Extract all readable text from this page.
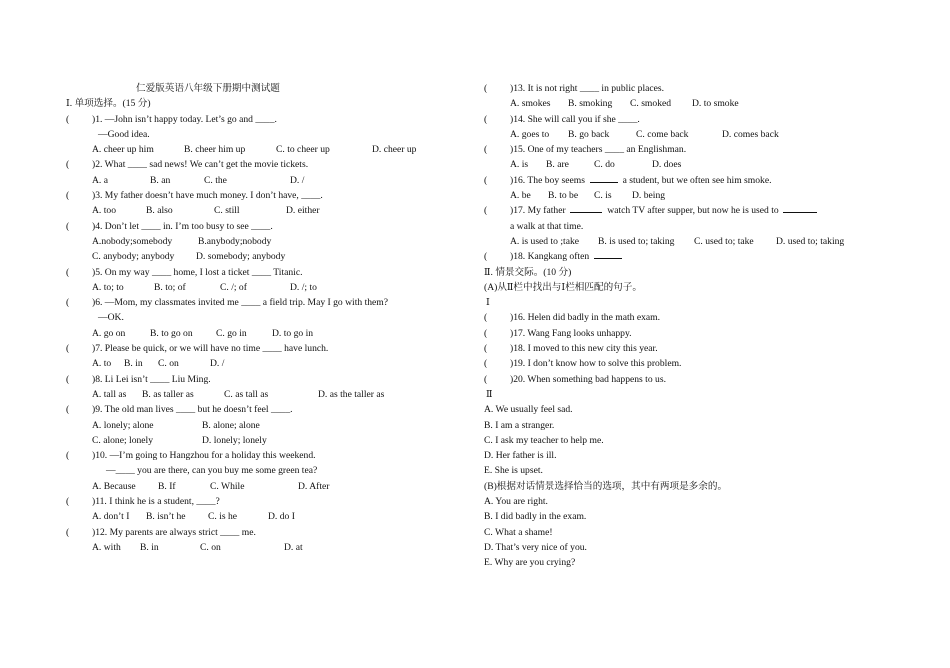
仁爱版英语八年级下册期中测试题
Ⅰ. 单项选择。(15 分)
(	)1. —John isn’t happy today. Let’s go and ____.
—Good idea.
A. cheer up him	B. cheer him up	C. to cheer up	D. cheer up
(	)2. What ____ sad news! We can’t get the movie tickets.
A. a	B. an	C. the	D. /
(	)3. My father doesn’t have much money. I don’t have, ____.
A. too	B. also	C. still	D. either
(	)4. Don’t let ____ in. I’m too busy to see ____.
A.nobody;somebody	B.anybody;nobody
C. anybody; anybody	D. somebody; anybody
(	)5. On my way ____ home, I lost a ticket ____ Titanic.
A. to; to	B. to; of	C. /; of	D. /; to
(	)6. —Mom, my classmates invited me ____ a field trip. May I go with them?
—OK.
A. go on	B. to go on	C. go in	D. to go in
(	)7. Please be quick, or we will have no time ____ have lunch.
A. to	B. in	C. on	D. /
(	)8. Li Lei isn’t ____ Liu Ming.
A. tall as	B. as taller as	C. as tall as	D. as the taller as
(	)9. The old man lives ____ but he doesn’t feel ____.
A. lonely; alone	B. alone; alone
C. alone; lonely	D. lonely; lonely
(	)10. —I’m going to Hangzhou for a holiday this weekend.
—____ you are there, can you buy me some green tea?
A. Because	B. If	C. While	D. After
(	)11. I think he is a student, ____?
A. don’t I	B. isn’t he	C. is he	D. do I
(	)12. My parents are always strict ____ me.
A. with	B. in	C. on	D. at
(	)13. It is not right ____ in public places.
A. smokes	B. smoking	C. smoked	D. to smoke
(	)14. She will call you if she ____.
A. goes to	B. go back	C. come back	D. comes back
(	)15. One of my teachers ____ an Englishman.
A. is	B. are	C. do	D. does
(	)16. The boy seems	a student, but we often see him smoke.
A. be	B. to be	C. is	D. being
(	)17. My father	watch TV after supper, but now he is used to
a walk at that time.
A. is used to ;take	B. is used to; taking	C. used to; take	D. used to; taking
(	)18. Kangkang often
Ⅱ. 情景交际。(10 分)
(A)从Ⅱ栏中找出与Ⅰ栏相匹配的句子。
Ⅰ
(	)16. Helen did badly in the math exam.
(	)17. Wang Fang looks unhappy.
(	)18. I moved to this new city this year.
(	)19. I don’t know how to solve this problem.
(	)20. When something bad happens to us.
Ⅱ
A. We usually feel sad.
B. I am a stranger.
C. I ask my teacher to help me.
D. Her father is ill.
E. She is upset.
(B)根据对话情景选择恰当的选项，其中有两项是多余的。
A. You are right.
B. I did badly in the exam.
C. What a shame!
D. That’s very nice of you.
E. Why are you crying?
